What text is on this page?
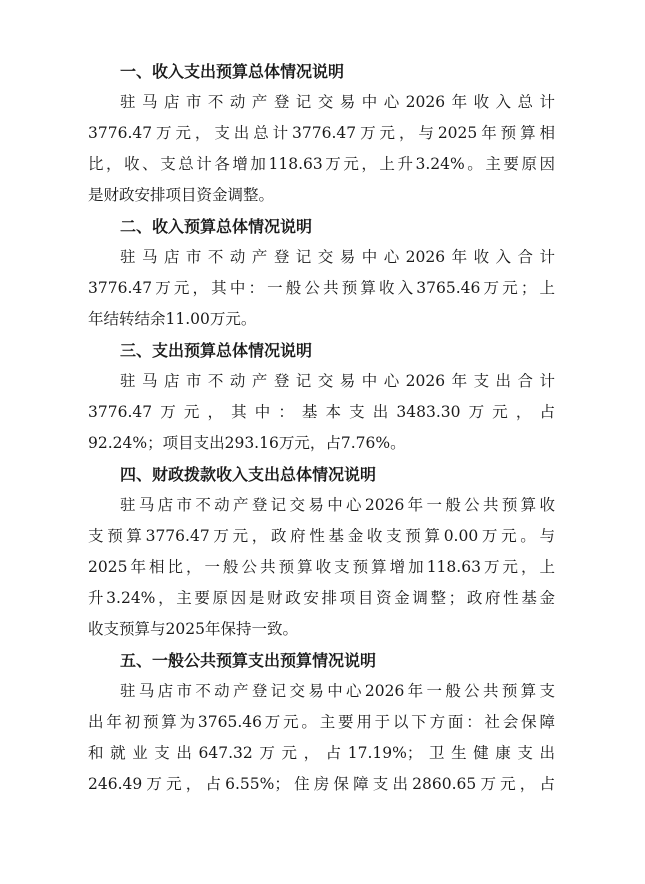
一、收入支出预算总体情况说明

驻马店市不动产登记交易中心2026年收入总计
3776.47万元，支出总计3776.47万元，与2025年预算相
比，收、支总计各增加118.63万元，上升3.24%。主要原因
是财政安排项目资金调整。

二、收入预算总体情况说明

驻马店市不动产登记交易中心2026年收入合计
3776.47万元，其中：一般公共预算收入3765.46万元；上
年结转结余11.00万元。

三、支出预算总体情况说明

驻马店市不动产登记交易中心2026年支出合计
3776.47万元，其中：基本支出3483.30万元，占
92.24%；项目支出293.16万元，占7.76%。

四、财政拨款收入支出总体情况说明

驻马店市不动产登记交易中心2026年一般公共预算收
支预算3776.47万元，政府性基金收支预算0.00万元。与
2025年相比，一般公共预算收支预算增加118.63万元，上
升3.24%，主要原因是财政安排项目资金调整；政府性基金
收支预算与2025年保持一致。

五、一般公共预算支出预算情况说明

驻马店市不动产登记交易中心2026年一般公共预算支
出年初预算为3765.46万元。主要用于以下方面：社会保障
和就业支出647.32万元，占17.19%；卫生健康支出
246.49万元，占6.55%；住房保障支出2860.65万元，占
